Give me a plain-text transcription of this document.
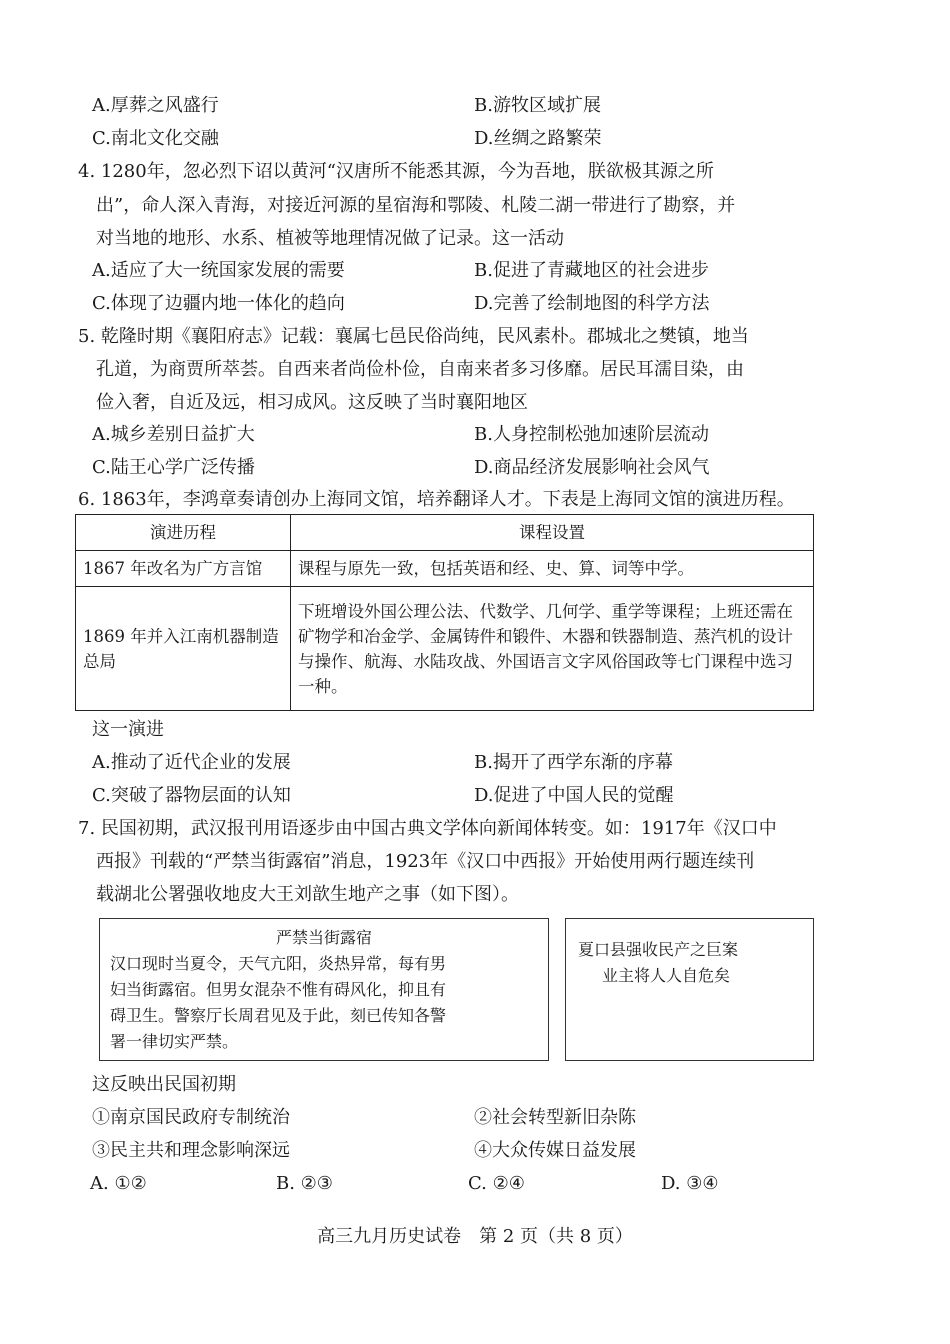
A.厚葬之风盛行	B.游牧区域扩展
C.南北文化交融	D.丝绸之路繁荣
4. 1280年，忽必烈下诏以黄河“汉唐所不能悉其源，今为吾地，朕欲极其源之所
出”，命人深入青海，对接近河源的星宿海和鄂陵、札陵二湖一带进行了勘察，并
对当地的地形、水系、植被等地理情况做了记录。这一活动
A.适应了大一统国家发展的需要	B.促进了青藏地区的社会进步
C.体现了边疆内地一体化的趋向	D.完善了绘制地图的科学方法
5. 乾隆时期《襄阳府志》记载：襄属七邑民俗尚纯，民风素朴。郡城北之樊镇，地当
孔道，为商贾所萃荟。自西来者尚俭朴俭，自南来者多习侈靡。居民耳濡目染，由
俭入奢，自近及远，相习成风。这反映了当时襄阳地区
A.城乡差别日益扩大	B.人身控制松弛加速阶层流动
C.陆王心学广泛传播	D.商品经济发展影响社会风气
6. 1863年，李鸿章奏请创办上海同文馆，培养翻译人才。下表是上海同文馆的演进历程。
演进历程	课程设置
1867 年改名为广方言馆	课程与原先一致，包括英语和经、史、算、词等中学。
1869 年并入江南机器制造总局	下班增设外国公理公法、代数学、几何学、重学等课程；上班还需在矿物学和冶金学、金属铸件和锻件、木器和铁器制造、蒸汽机的设计与操作、航海、水陆攻战、外国语言文字风俗国政等七门课程中选习一种。
这一演进
A.推动了近代企业的发展	B.揭开了西学东渐的序幕
C.突破了器物层面的认知	D.促进了中国人民的觉醒
7. 民国初期，武汉报刊用语逐步由中国古典文学体向新闻体转变。如：1917年《汉口中
西报》刊载的“严禁当街露宿”消息，1923年《汉口中西报》开始使用两行题连续刊
载湖北公署强收地皮大王刘歆生地产之事（如下图）。
严禁当街露宿
汉口现时当夏令，天气亢阳，炎热异常，每有男
妇当街露宿。但男女混杂不惟有碍风化，抑且有
碍卫生。警察厅长周君见及于此，刻已传知各警
署一律切实严禁。
夏口县强收民产之巨案
业主将人人自危矣
这反映出民国初期
①南京国民政府专制统治	②社会转型新旧杂陈
③民主共和理念影响深远	④大众传媒日益发展
A. ①②	B. ②③	C. ②④	D. ③④
高三九月历史试卷　第 2 页（共 8 页）
